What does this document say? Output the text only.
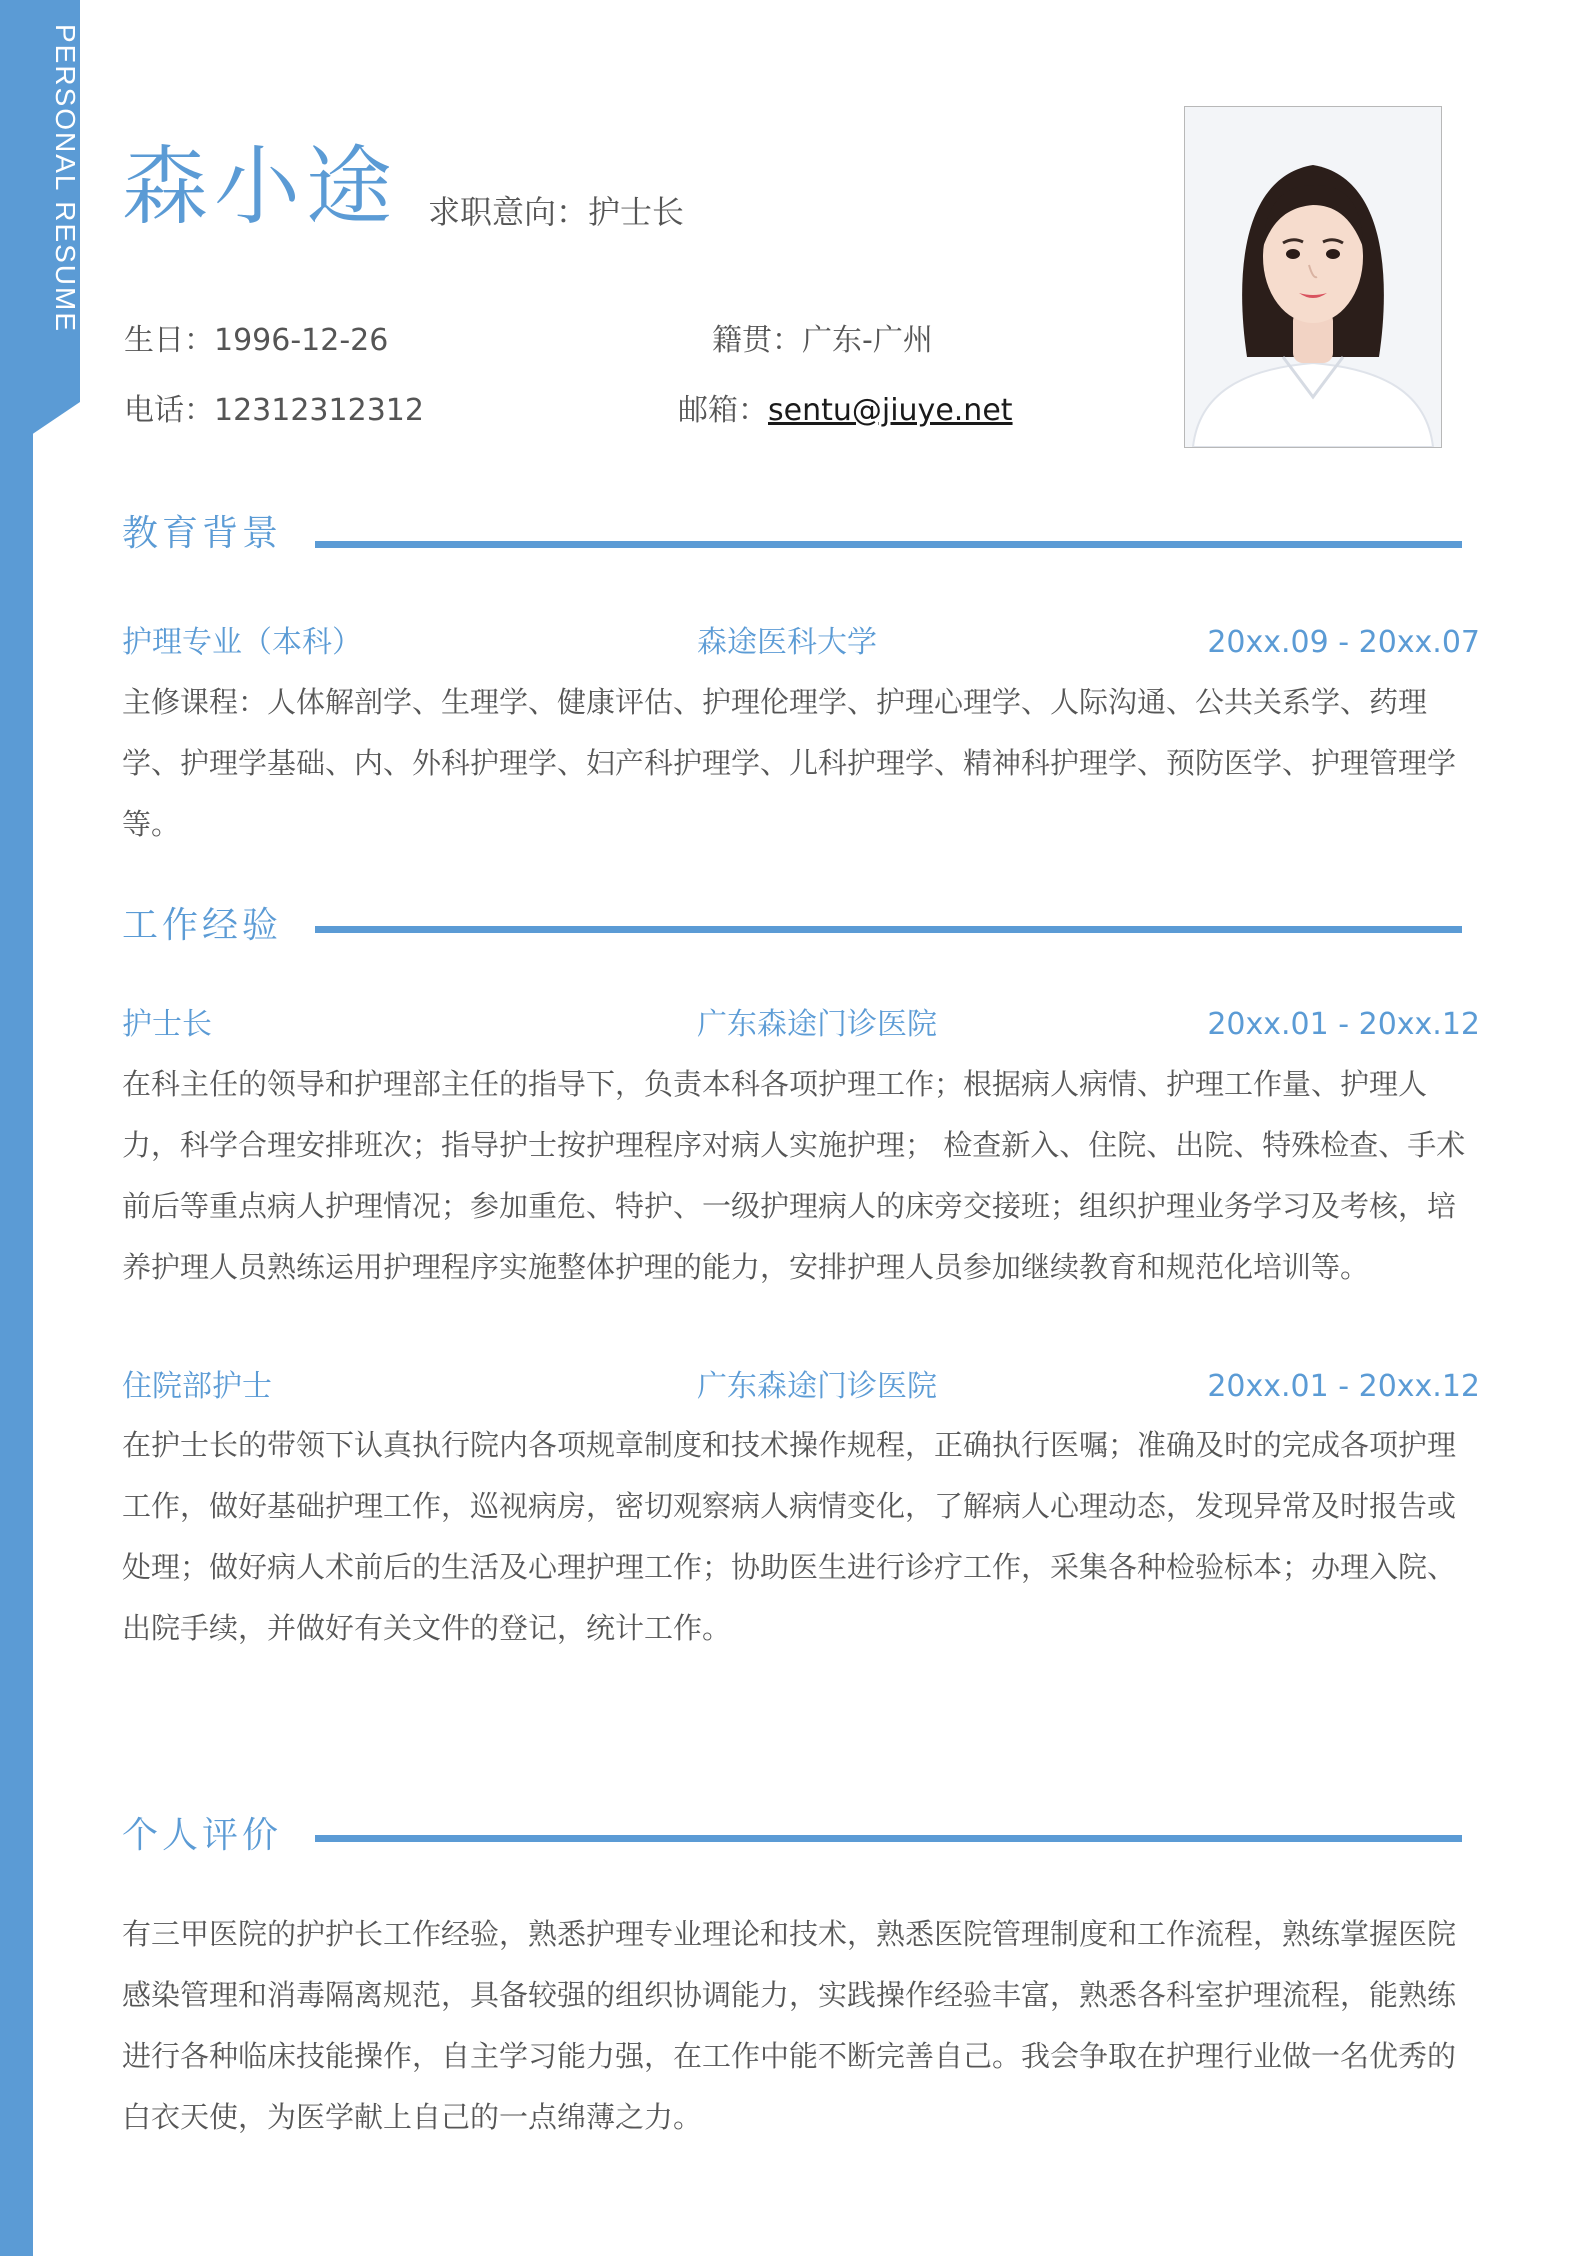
PERSONAL RESUME 森小途 求职意向：护士长
生日：1996-12-26	籍贯：广东-广州
电话：12312312312	邮箱：sentu@jiuye.net
教育背景
护理专业（本科）	森途医科大学	20xx.09 - 20xx.07
主修课程：人体解剖学、生理学、健康评估、护理伦理学、护理心理学、人际沟通、公共关系学、药理学、护理学基础、内、外科护理学、妇产科护理学、儿科护理学、精神科护理学、预防医学、护理管理学等。
工作经验
护士长	广东森途门诊医院	20xx.01 - 20xx.12
在科主任的领导和护理部主任的指导下，负责本科各项护理工作；根据病人病情、护理工作量、护理人力，科学合理安排班次；指导护士按护理程序对病人实施护理； 检查新入、住院、出院、特殊检查、手术前后等重点病人护理情况；参加重危、特护、一级护理病人的床旁交接班；组织护理业务学习及考核，培养护理人员熟练运用护理程序实施整体护理的能力，安排护理人员参加继续教育和规范化培训等。
住院部护士	广东森途门诊医院	20xx.01 - 20xx.12
在护士长的带领下认真执行院内各项规章制度和技术操作规程，正确执行医嘱；准确及时的完成各项护理工作，做好基础护理工作，巡视病房，密切观察病人病情变化，了解病人心理动态，发现异常及时报告或处理；做好病人术前后的生活及心理护理工作；协助医生进行诊疗工作，采集各种检验标本；办理入院、出院手续，并做好有关文件的登记，统计工作。
个人评价
有三甲医院的护护长工作经验，熟悉护理专业理论和技术，熟悉医院管理制度和工作流程，熟练掌握医院感染管理和消毒隔离规范，具备较强的组织协调能力，实践操作经验丰富，熟悉各科室护理流程，能熟练进行各种临床技能操作，自主学习能力强，在工作中能不断完善自己。我会争取在护理行业做一名优秀的白衣天使，为医学献上自己的一点绵薄之力。
